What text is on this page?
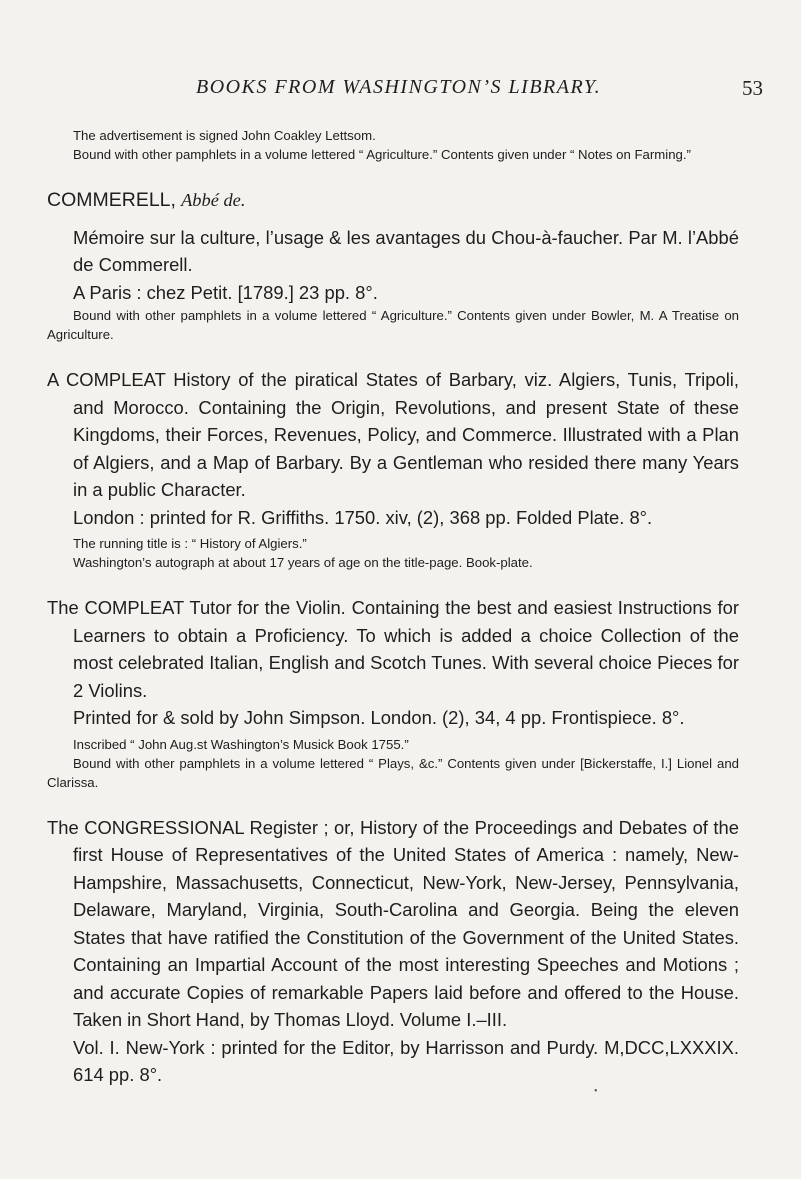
BOOKS FROM WASHINGTON’S LIBRARY.	53

The advertisement is signed John Coakley Lettsom.

Bound with other pamphlets in a volume lettered “ Agriculture.” Contents given under “ Notes on Farming.”

COMMERELL, Abbé de.

Mémoire sur la culture, l’usage & les avantages du Chou-à-faucher. Par M. l’Abbé de Commerell.

A Paris : chez Petit. [1789.] 23 pp. 8°.

Bound with other pamphlets in a volume lettered “ Agriculture.” Contents given under Bowler, M. A Treatise on Agriculture.

A COMPLEAT History of the piratical States of Barbary, viz. Algiers, Tunis, Tripoli, and Morocco. Containing the Origin, Revolutions, and present State of these Kingdoms, their Forces, Revenues, Policy, and Commerce. Illustrated with a Plan of Algiers, and a Map of Barbary. By a Gentleman who resided there many Years in a public Character.

London : printed for R. Griffiths. 1750. xiv, (2), 368 pp. Folded Plate. 8°.

The running title is : “ History of Algiers.”

Washington’s autograph at about 17 years of age on the title-page. Book-plate.

The COMPLEAT Tutor for the Violin. Containing the best and easiest Instructions for Learners to obtain a Proficiency. To which is added a choice Collection of the most celebrated Italian, English and Scotch Tunes. With several choice Pieces for 2 Violins.

Printed for & sold by John Simpson. London. (2), 34, 4 pp. Frontispiece. 8°.

Inscribed “ John Aug.st Washington’s Musick Book 1755.”

Bound with other pamphlets in a volume lettered “ Plays, &c.” Contents given under [Bickerstaffe, I.] Lionel and Clarissa.

The CONGRESSIONAL Register ; or, History of the Proceedings and Debates of the first House of Representatives of the United States of America : namely, New-Hampshire, Massachusetts, Connecticut, New-York, New-Jersey, Pennsylvania, Delaware, Maryland, Virginia, South-Carolina and Georgia. Being the eleven States that have ratified the Constitution of the Government of the United States. Containing an Impartial Account of the most interesting Speeches and Motions ; and accurate Copies of remarkable Papers laid before and offered to the House. Taken in Short Hand, by Thomas Lloyd. Volume I.–III.

Vol. I. New-York : printed for the Editor, by Harrisson and Purdy. M,DCC,LXXXIX. 614 pp. 8°.

•
